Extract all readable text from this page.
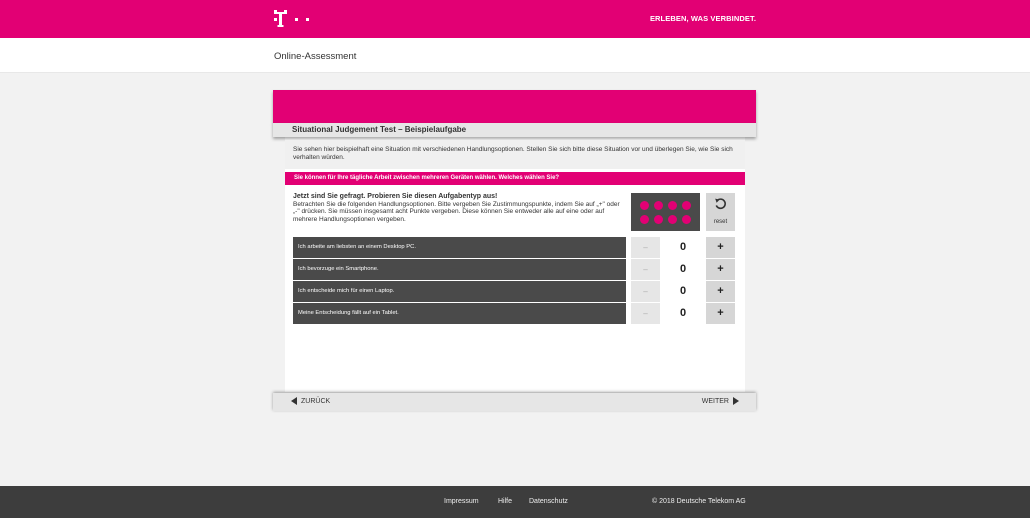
ERLEBEN, WAS VERBINDET.
Online-Assessment
Situational Judgement Test – Beispielaufgabe
Sie sehen hier beispielhaft eine Situation mit verschiedenen Handlungsoptionen. Stellen Sie sich bitte diese Situation vor und überlegen Sie, wie Sie sich verhalten würden.
Sie können für Ihre tägliche Arbeit zwischen mehreren Geräten wählen. Welches wählen Sie?
Jetzt sind Sie gefragt. Probieren Sie diesen Aufgabentyp aus!
Betrachten Sie die folgenden Handlungsoptionen. Bitte vergeben Sie Zustimmungspunkte, indem Sie auf „+" oder „-" drücken. Sie müssen insgesamt acht Punkte vergeben. Diese können Sie entweder alle auf eine oder auf mehrere Handlungsoptionen vergeben.	reset
Ich arbeite am liebsten an einem Desktop PC.	–	0	+
Ich bevorzuge ein Smartphone.	–	0	+
Ich entscheide mich für einen Laptop.	–	0	+
Meine Entscheidung fällt auf ein Tablet.	–	0	+
ZURÜCK	WEITER
Impressum	Hilfe Datenschutz	© 2018 Deutsche Telekom AG
